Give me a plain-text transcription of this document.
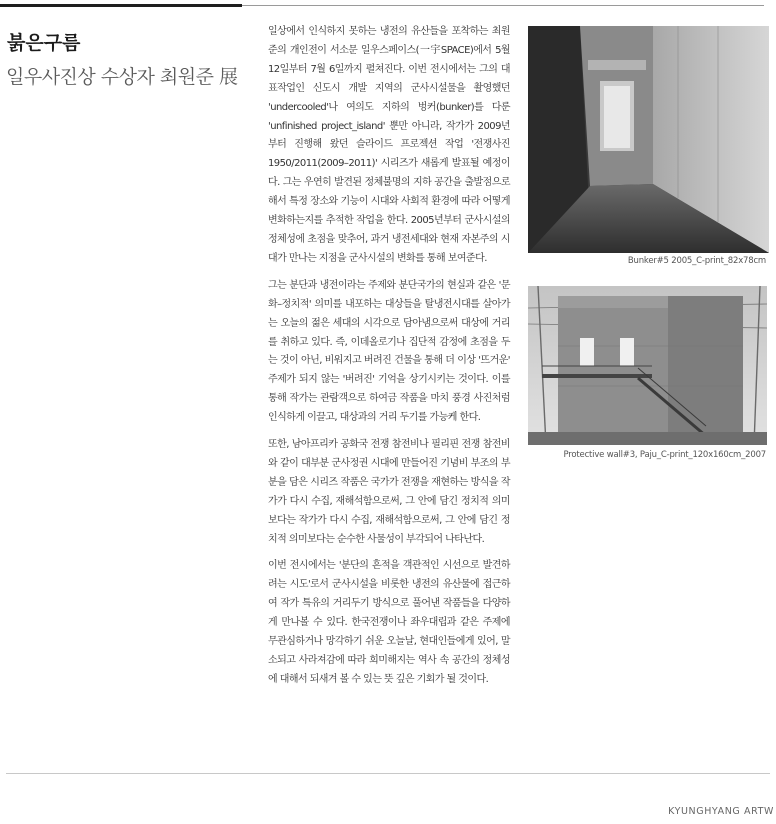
붉은구름
일우사진상 수상자 최원준 展

일상에서 인식하지 못하는 냉전의 유산들을 포착하는 최원준의 개인전이 서소문 일우스페이스(一宇SPACE)에서 5월 12일부터 7월 6일까지 펼쳐진다. 이번 전시에서는 그의 대표작업인 신도시 개발 지역의 군사시설물을 촬영했던 'undercooled'나 여의도 지하의 벙커(bunker)를 다룬 'unfinished project_island' 뿐만 아니라, 작가가 2009년부터 진행해 왔던 슬라이드 프로젝션 작업 '전쟁사진1950/2011(2009–2011)' 시리즈가 새롭게 발표될 예정이다. 그는 우연히 발견된 정체불명의 지하 공간을 출발점으로 해서 특정 장소와 기능이 시대와 사회적 환경에 따라 어떻게 변화하는지를 추적한 작업을 한다. 2005년부터 군사시설의 정체성에 초점을 맞추어, 과거 냉전세대와 현재 자본주의 시대가 만나는 지점을 군사시설의 변화를 통해 보여준다.

그는 분단과 냉전이라는 주제와 분단국가의 현실과 같은 '문화–정치적' 의미를 내포하는 대상들을 탈냉전시대를 살아가는 오늘의 젊은 세대의 시각으로 담아냄으로써 대상에 거리를 취하고 있다. 즉, 이데올로기나 집단적 감정에 초점을 두는 것이 아닌, 비워지고 버려진 건물을 통해 더 이상 '뜨거운' 주제가 되지 않는 '버려진' 기억을 상기시키는 것이다. 이를 통해 작가는 관람객으로 하여금 작품을 마치 풍경 사진처럼 인식하게 이끌고, 대상과의 거리 두기를 가능케 한다.

또한, 남아프리카 공화국 전쟁 참전비나 필리핀 전쟁 참전비와 같이 대부분 군사정권 시대에 만들어진 기념비 부조의 부분을 담은 시리즈 작품은 국가가 전쟁을 재현하는 방식을 작가가 다시 수집, 재해석함으로써, 그 안에 담긴 정치적 의미보다는 작가가 다시 수집, 재해석함으로써, 그 안에 담긴 정치적 의미보다는 순수한 사물성이 부각되어 나타난다.

이번 전시에서는 '분단의 흔적을 객관적인 시선으로 발견하려는 시도'로서 군사시설을 비롯한 냉전의 유산물에 접근하여 작가 특유의 거리두기 방식으로 풀어낸 작품들을 다양하게 만나볼 수 있다. 한국전쟁이나 좌우대립과 같은 주제에 무관심하거나 망각하기 쉬운 오늘날, 현대인들에게 있어, 말소되고 사라져감에 따라 희미해지는 역사 속 공간의 정체성에 대해서 되새겨 볼 수 있는 뜻 깊은 기회가 될 것이다.

Bunker#5 2005_C-print_82x78cm
Protective wall#3, Paju_C-print_120x160cm_2007
KYUNGHYANG ARTW
